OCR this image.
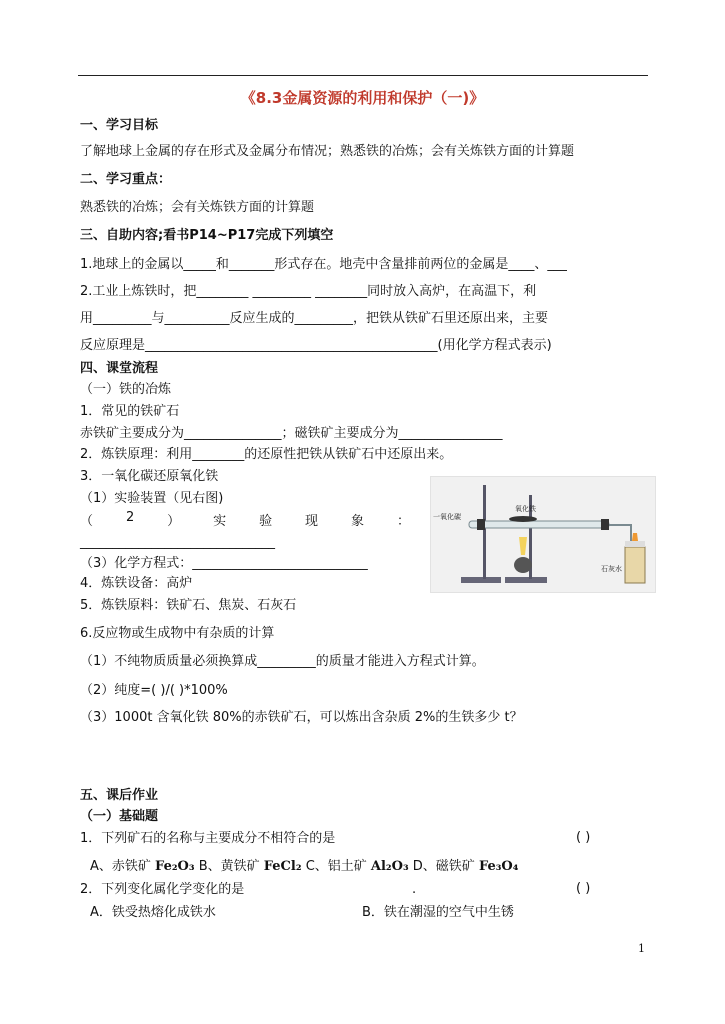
《8.3金属资源的利用和保护（一)》
一、学习目标
了解地球上金属的存在形式及金属分布情况；熟悉铁的冶炼；会有关炼铁方面的计算题
二、学习重点：
熟悉铁的冶炼；会有关炼铁方面的计算题
三、自助内容;看书P14~P17完成下列填空
1.地球上的金属以_____和_______形式存在。地壳中含量排前两位的金属是____、___
2.工业上炼铁时，把________ _________ ________同时放入高炉，在高温下，利
用_________与__________反应生成的_________，把铁从铁矿石里还原出来，主要
反应原理是_____________________________________________(用化学方程式表示)
四、课堂流程
（一）铁的冶炼
1．常见的铁矿石
赤铁矿主要成分为_______________；磁铁矿主要成分为________________
2．炼铁原理：利用________的还原性把铁从铁矿石中还原出来。
3．一氧化碳还原氧化铁
（1）实验装置（见右图)
（	2	）	实	验	现	象	：
______________________________
（3）化学方程式：___________________________
4．炼铁设备：高炉
5．炼铁原料：铁矿石、焦炭、石灰石
6.反应物或生成物中有杂质的计算
（1）不纯物质质量必须换算成_________的质量才能进入方程式计算。
（2）纯度=( )/( )*100%
（3）1000t 含氧化铁 80%的赤铁矿石，可以炼出含杂质 2%的生铁多少 t？
一氧化碳
氧化铁
石灰水
五、课后作业
（一）基础题
1．下列矿石的名称与主要成分不相符合的是	( )
A、赤铁矿 Fe₂O₃ B、黄铁矿 FeCl₂ C、铝土矿 Al₂O₃ D、磁铁矿 Fe₃O₄
2．下列变化属化学变化的是	.	( )
A．铁受热熔化成铁水	B．铁在潮湿的空气中生锈
1
